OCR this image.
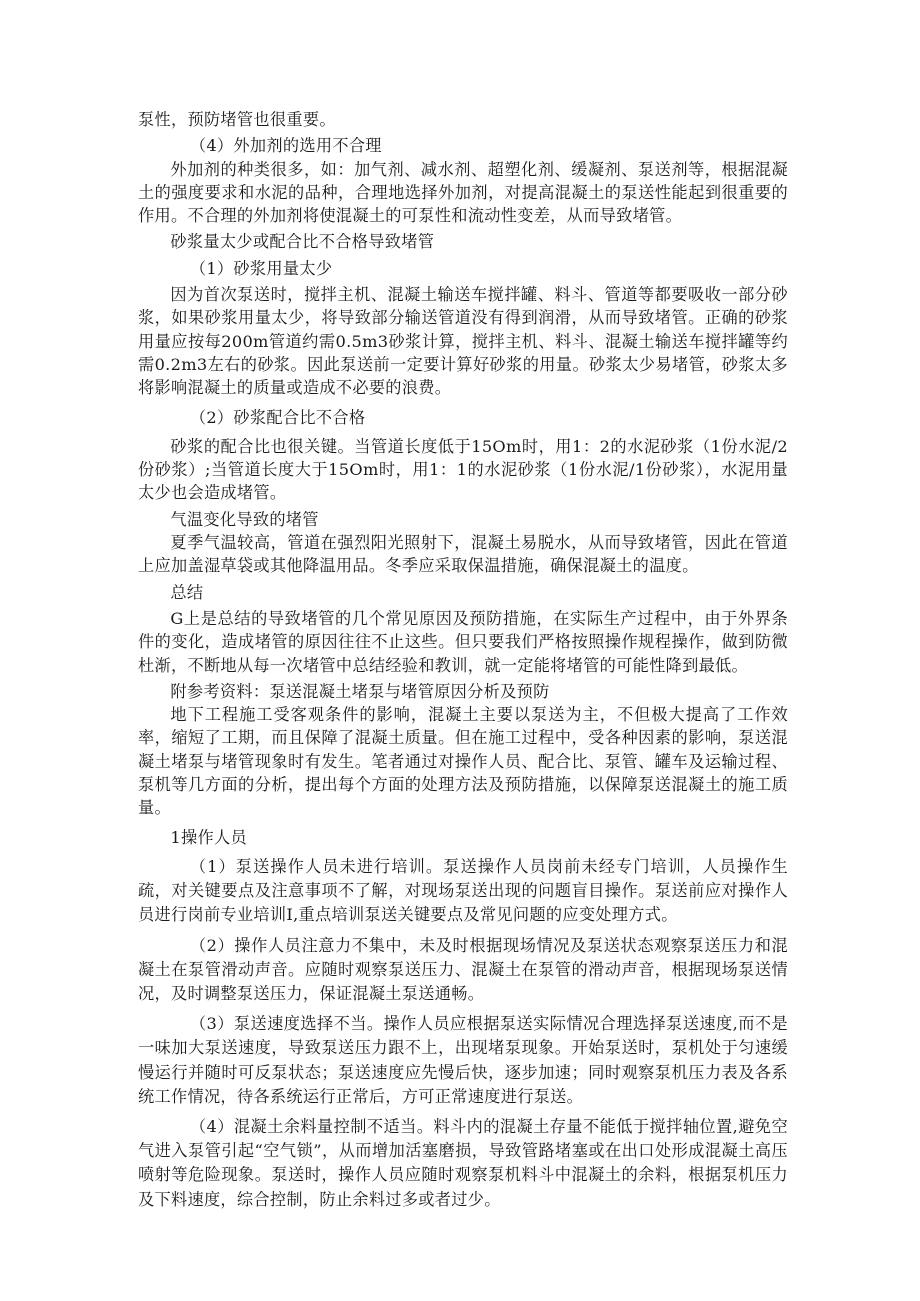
泵性，预防堵管也很重要。

（4）外加剂的选用不合理

外加剂的种类很多，如：加气剂、减水剂、超塑化剂、缓凝剂、泵送剂等，根据混凝土的强度要求和水泥的品种，合理地选择外加剂，对提高混凝土的泵送性能起到很重要的作用。不合理的外加剂将使混凝土的可泵性和流动性变差，从而导致堵管。

砂浆量太少或配合比不合格导致堵管

（1）砂浆用量太少

因为首次泵送时，搅拌主机、混凝土输送车搅拌罐、料斗、管道等都要吸收一部分砂浆，如果砂浆用量太少，将导致部分输送管道没有得到润滑，从而导致堵管。正确的砂浆用量应按每200m管道约需0.5m3砂浆计算，搅拌主机、料斗、混凝土输送车搅拌罐等约需0.2m3左右的砂浆。因此泵送前一定要计算好砂浆的用量。砂浆太少易堵管，砂浆太多将影响混凝土的质量或造成不必要的浪费。

（2）砂浆配合比不合格

砂浆的配合比也很关键。当管道长度低于15Om时，用1：2的水泥砂浆（1份水泥/2份砂浆）;当管道长度大于15Om时，用1：1的水泥砂浆（1份水泥/1份砂浆），水泥用量太少也会造成堵管。

气温变化导致的堵管

夏季气温较高，管道在强烈阳光照射下，混凝土易脱水，从而导致堵管，因此在管道上应加盖湿草袋或其他降温用品。冬季应采取保温措施，确保混凝土的温度。

总结

G上是总结的导致堵管的几个常见原因及预防措施，在实际生产过程中，由于外界条件的变化，造成堵管的原因往往不止这些。但只要我们严格按照操作规程操作，做到防微杜渐，不断地从每一次堵管中总结经验和教训，就一定能将堵管的可能性降到最低。

附参考资料：泵送混凝土堵泵与堵管原因分析及预防

地下工程施工受客观条件的影响，混凝土主要以泵送为主，不但极大提高了工作效率，缩短了工期，而且保障了混凝土质量。但在施工过程中，受各种因素的影响，泵送混凝土堵泵与堵管现象时有发生。笔者通过对操作人员、配合比、泵管、罐车及运输过程、泵机等几方面的分析，提出每个方面的处理方法及预防措施，以保障泵送混凝土的施工质量。

1操作人员

（1）泵送操作人员未进行培训。泵送操作人员岗前未经专门培训，人员操作生疏，对关键要点及注意事项不了解，对现场泵送出现的问题盲目操作。泵送前应对操作人员进行岗前专业培训I,重点培训泵送关键要点及常见问题的应变处理方式。

（2）操作人员注意力不集中，未及时根据现场情况及泵送状态观察泵送压力和混凝土在泵管滑动声音。应随时观察泵送压力、混凝土在泵管的滑动声音，根据现场泵送情况，及时调整泵送压力，保证混凝土泵送通畅。

（3）泵送速度选择不当。操作人员应根据泵送实际情况合理选择泵送速度,而不是一味加大泵送速度，导致泵送压力跟不上，出现堵泵现象。开始泵送时，泵机处于匀速缓慢运行并随时可反泵状态；泵送速度应先慢后快，逐步加速；同时观察泵机压力表及各系统工作情况，待各系统运行正常后，方可正常速度进行泵送。

（4）混凝土余料量控制不适当。料斗内的混凝土存量不能低于搅拌轴位置,避免空气进入泵管引起“空气锁”，从而增加活塞磨损，导致管路堵塞或在出口处形成混凝土高压喷射等危险现象。泵送时，操作人员应随时观察泵机料斗中混凝土的余料，根据泵机压力及下料速度，综合控制，防止余料过多或者过少。
